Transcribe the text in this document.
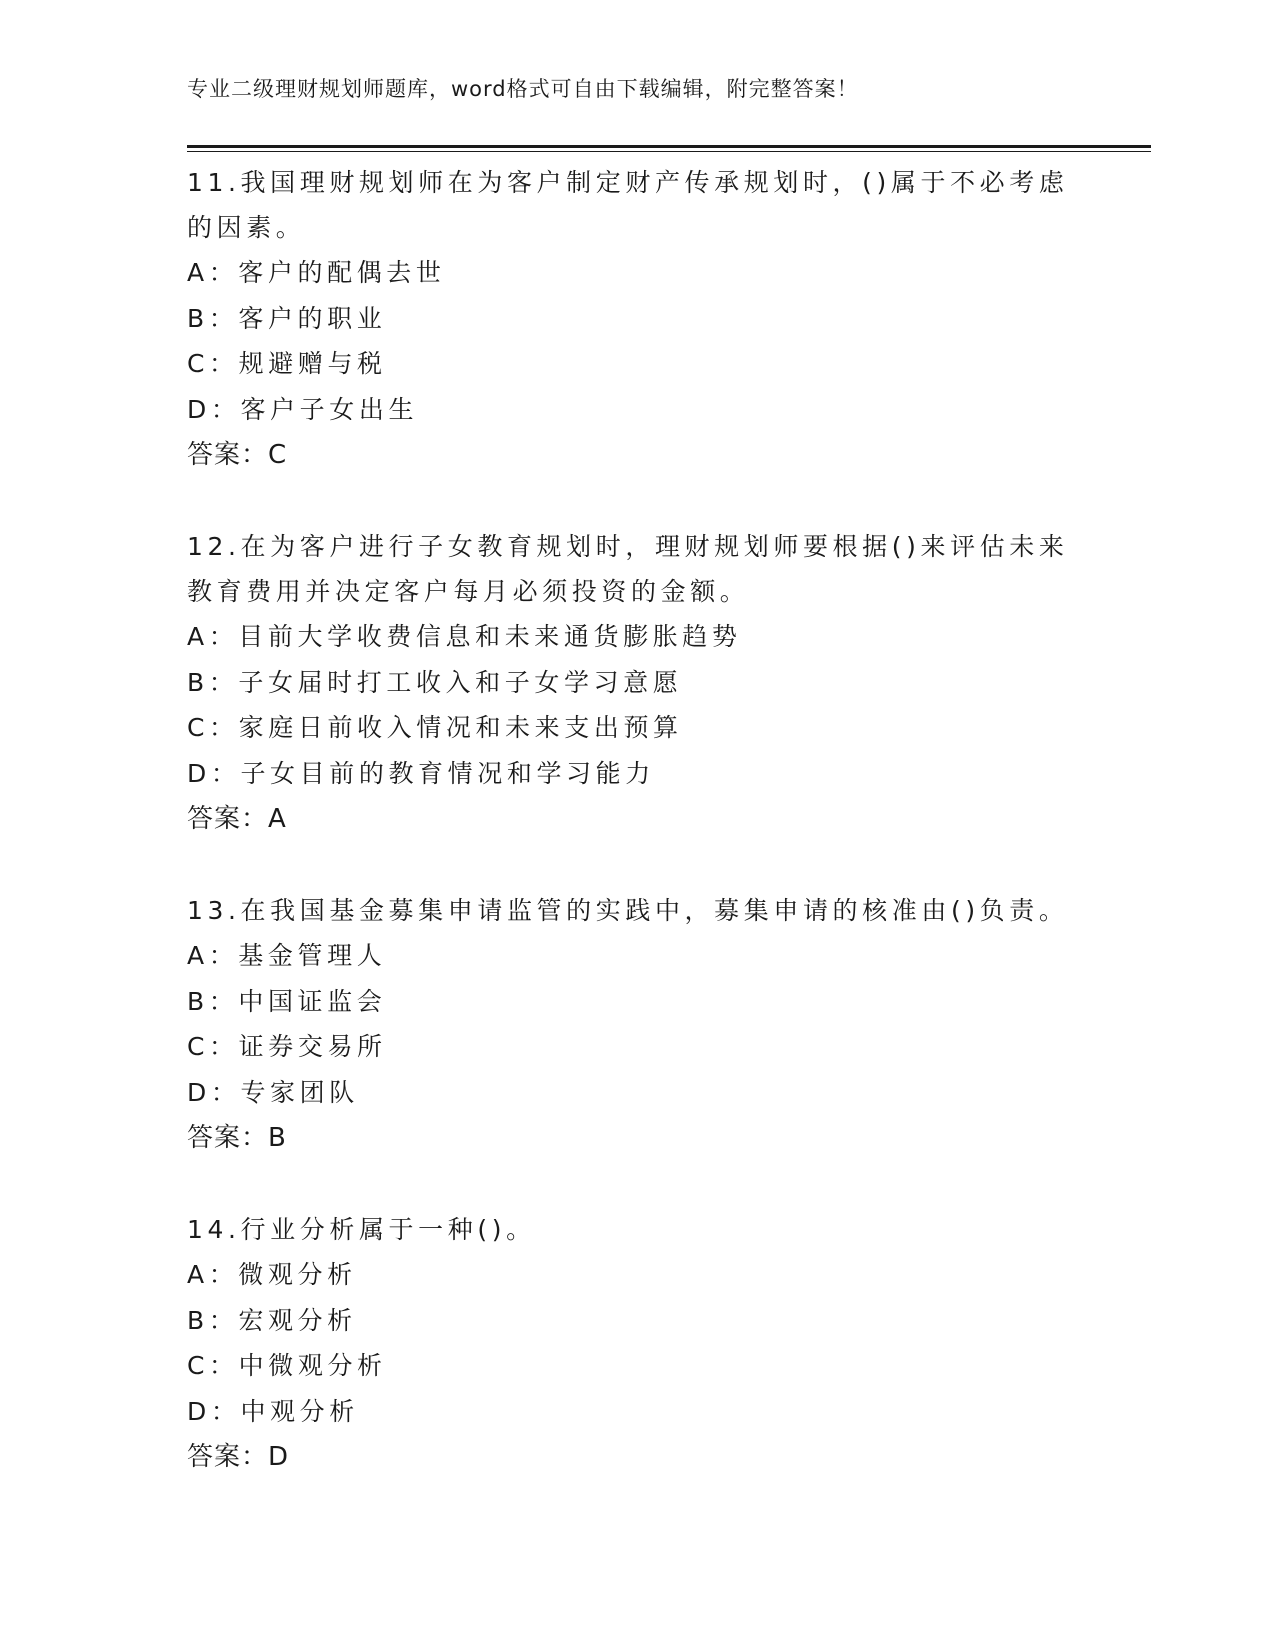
专业二级理财规划师题库，word格式可自由下载编辑，附完整答案！

11.我国理财规划师在为客户制定财产传承规划时，()属于不必考虑的因素。

A：客户的配偶去世

B：客户的职业

C：规避赠与税

D：客户子女出生

答案：C

12.在为客户进行子女教育规划时，理财规划师要根据()来评估未来教育费用并决定客户每月必须投资的金额。

A：目前大学收费信息和未来通货膨胀趋势

B：子女届时打工收入和子女学习意愿

C：家庭日前收入情况和未来支出预算

D：子女目前的教育情况和学习能力

答案：A

13.在我国基金募集申请监管的实践中，募集申请的核准由()负责。

A：基金管理人

B：中国证监会

C：证券交易所

D：专家团队

答案：B

14.行业分析属于一种()。

A：微观分析

B：宏观分析

C：中微观分析

D：中观分析

答案：D
